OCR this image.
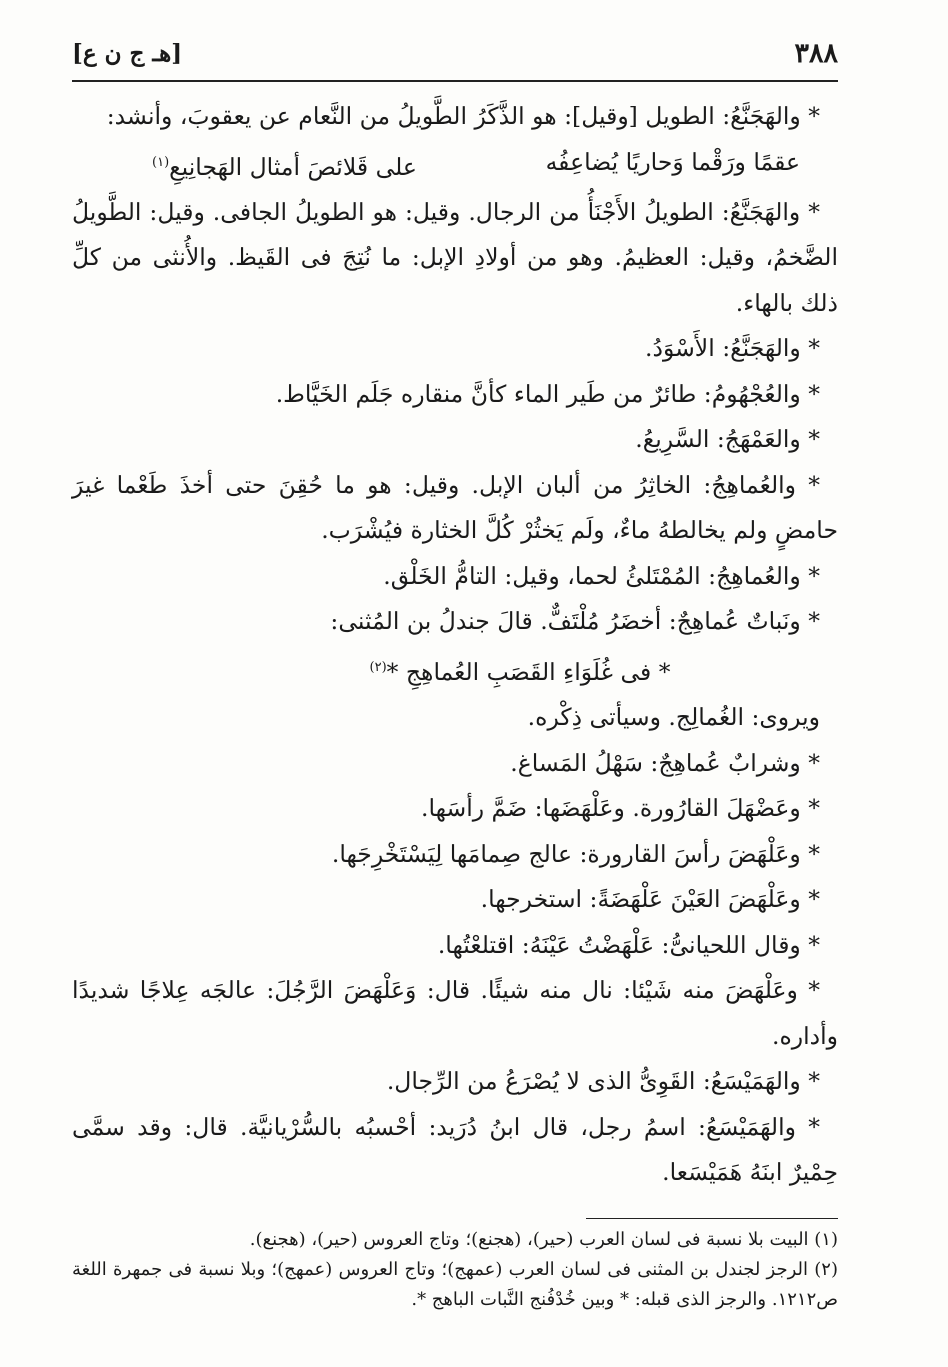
٣٨٨
[هـ ج ن ع]

* والهَجَنَّعُ: الطويل [وقيل]: هو الذَّكَرُ الطَّويلُ من النَّعام عن يعقوبَ، وأنشد:

عقمًا ورَقْما وَحاريًا يُضاعِفُه
على قَلائصَ أمثال الهَجانِيعِ$^{(١)}$

* والهَجَنَّعُ: الطويلُ الأَجْنَأُ من الرجال. وقيل: هو الطويلُ الجافى. وقيل: الطَّويلُ الضَّخمُ، وقيل: العظيمُ. وهو من أولادِ الإبل: ما نُتِجَ فى القَيظ. والأُنثى من كلِّ ذلك بالهاء.

* والهَجَنَّعُ: الأَسْوَدُ.

* والعُجْهُومُ: طائرٌ من طَير الماء كأنَّ منقاره جَلَم الخَيَّاط.

* والعَمْهَجُ: السَّرِيعُ.

* والعُماهِجُ: الخاثِرُ من ألبان الإبل. وقيل: هو ما حُقِنَ حتى أخذَ طَعْما غيرَ حامضٍ ولم يخالطهُ ماءٌ، ولَم يَخثُرْ كُلَّ الخثارة فيُشْرَب.

* والعُماهِجُ: المُمْتَلئُ لحما، وقيل: التامُّ الخَلْق.

* ونَباتٌ عُماهِجٌ: أخضَرُ مُلْتَفٌّ. قالَ جندلُ بن المُثنى:

* فى غُلَوَاءِ القَصَبِ العُماهِجِ *$^{(٢)}$

ويروى: الغُمالِج. وسيأتى ذِكْره.

* وشرابٌ عُماهِجٌ: سَهْلُ المَساغ.

* وعَضْهَلَ القارُورة. وعَلْهَضَها: ضَمَّ رأسَها.

* وعَلْهَضَ رأسَ القارورة: عالج صِمامَها لِيَسْتَخْرِجَها.

* وعَلْهَضَ العَيْنَ عَلْهَضَةً: استخرجها.

* وقال اللحيانىُّ: عَلْهَضْتُ عَيْنَهُ: اقتلعْتُها.

* وعَلْهَضَ منه شَيْئا: نال منه شيئًا. قال: وَعَلْهَضَ الرَّجُلَ: عالجَه عِلاجًا شديدًا وأداره.

* والهَمَيْسَعُ: القَوِىُّ الذى لا يُصْرَعُ من الرِّجال.

* والهَمَيْسَعُ: اسمُ رجل، قال ابنُ دُرَيد: أحْسبُه بالسُّرْيانيَّة. قال: وقد سمَّى حِمْيرٌ ابنَهُ هَمَيْسَعا.

(١) البيت بلا نسبة فى لسان العرب (حير)، (هجنع)؛ وتاج العروس (حير)، (هجنع).

(٢) الرجز لجندل بن المثنى فى لسان العرب (عمهج)؛ وتاج العروس (عمهج)؛ وبلا نسبة فى جمهرة اللغة ص١٢١٢. والرجز الذى قبله: * وبين خُدْفُنج النَّبات الباهج *.
